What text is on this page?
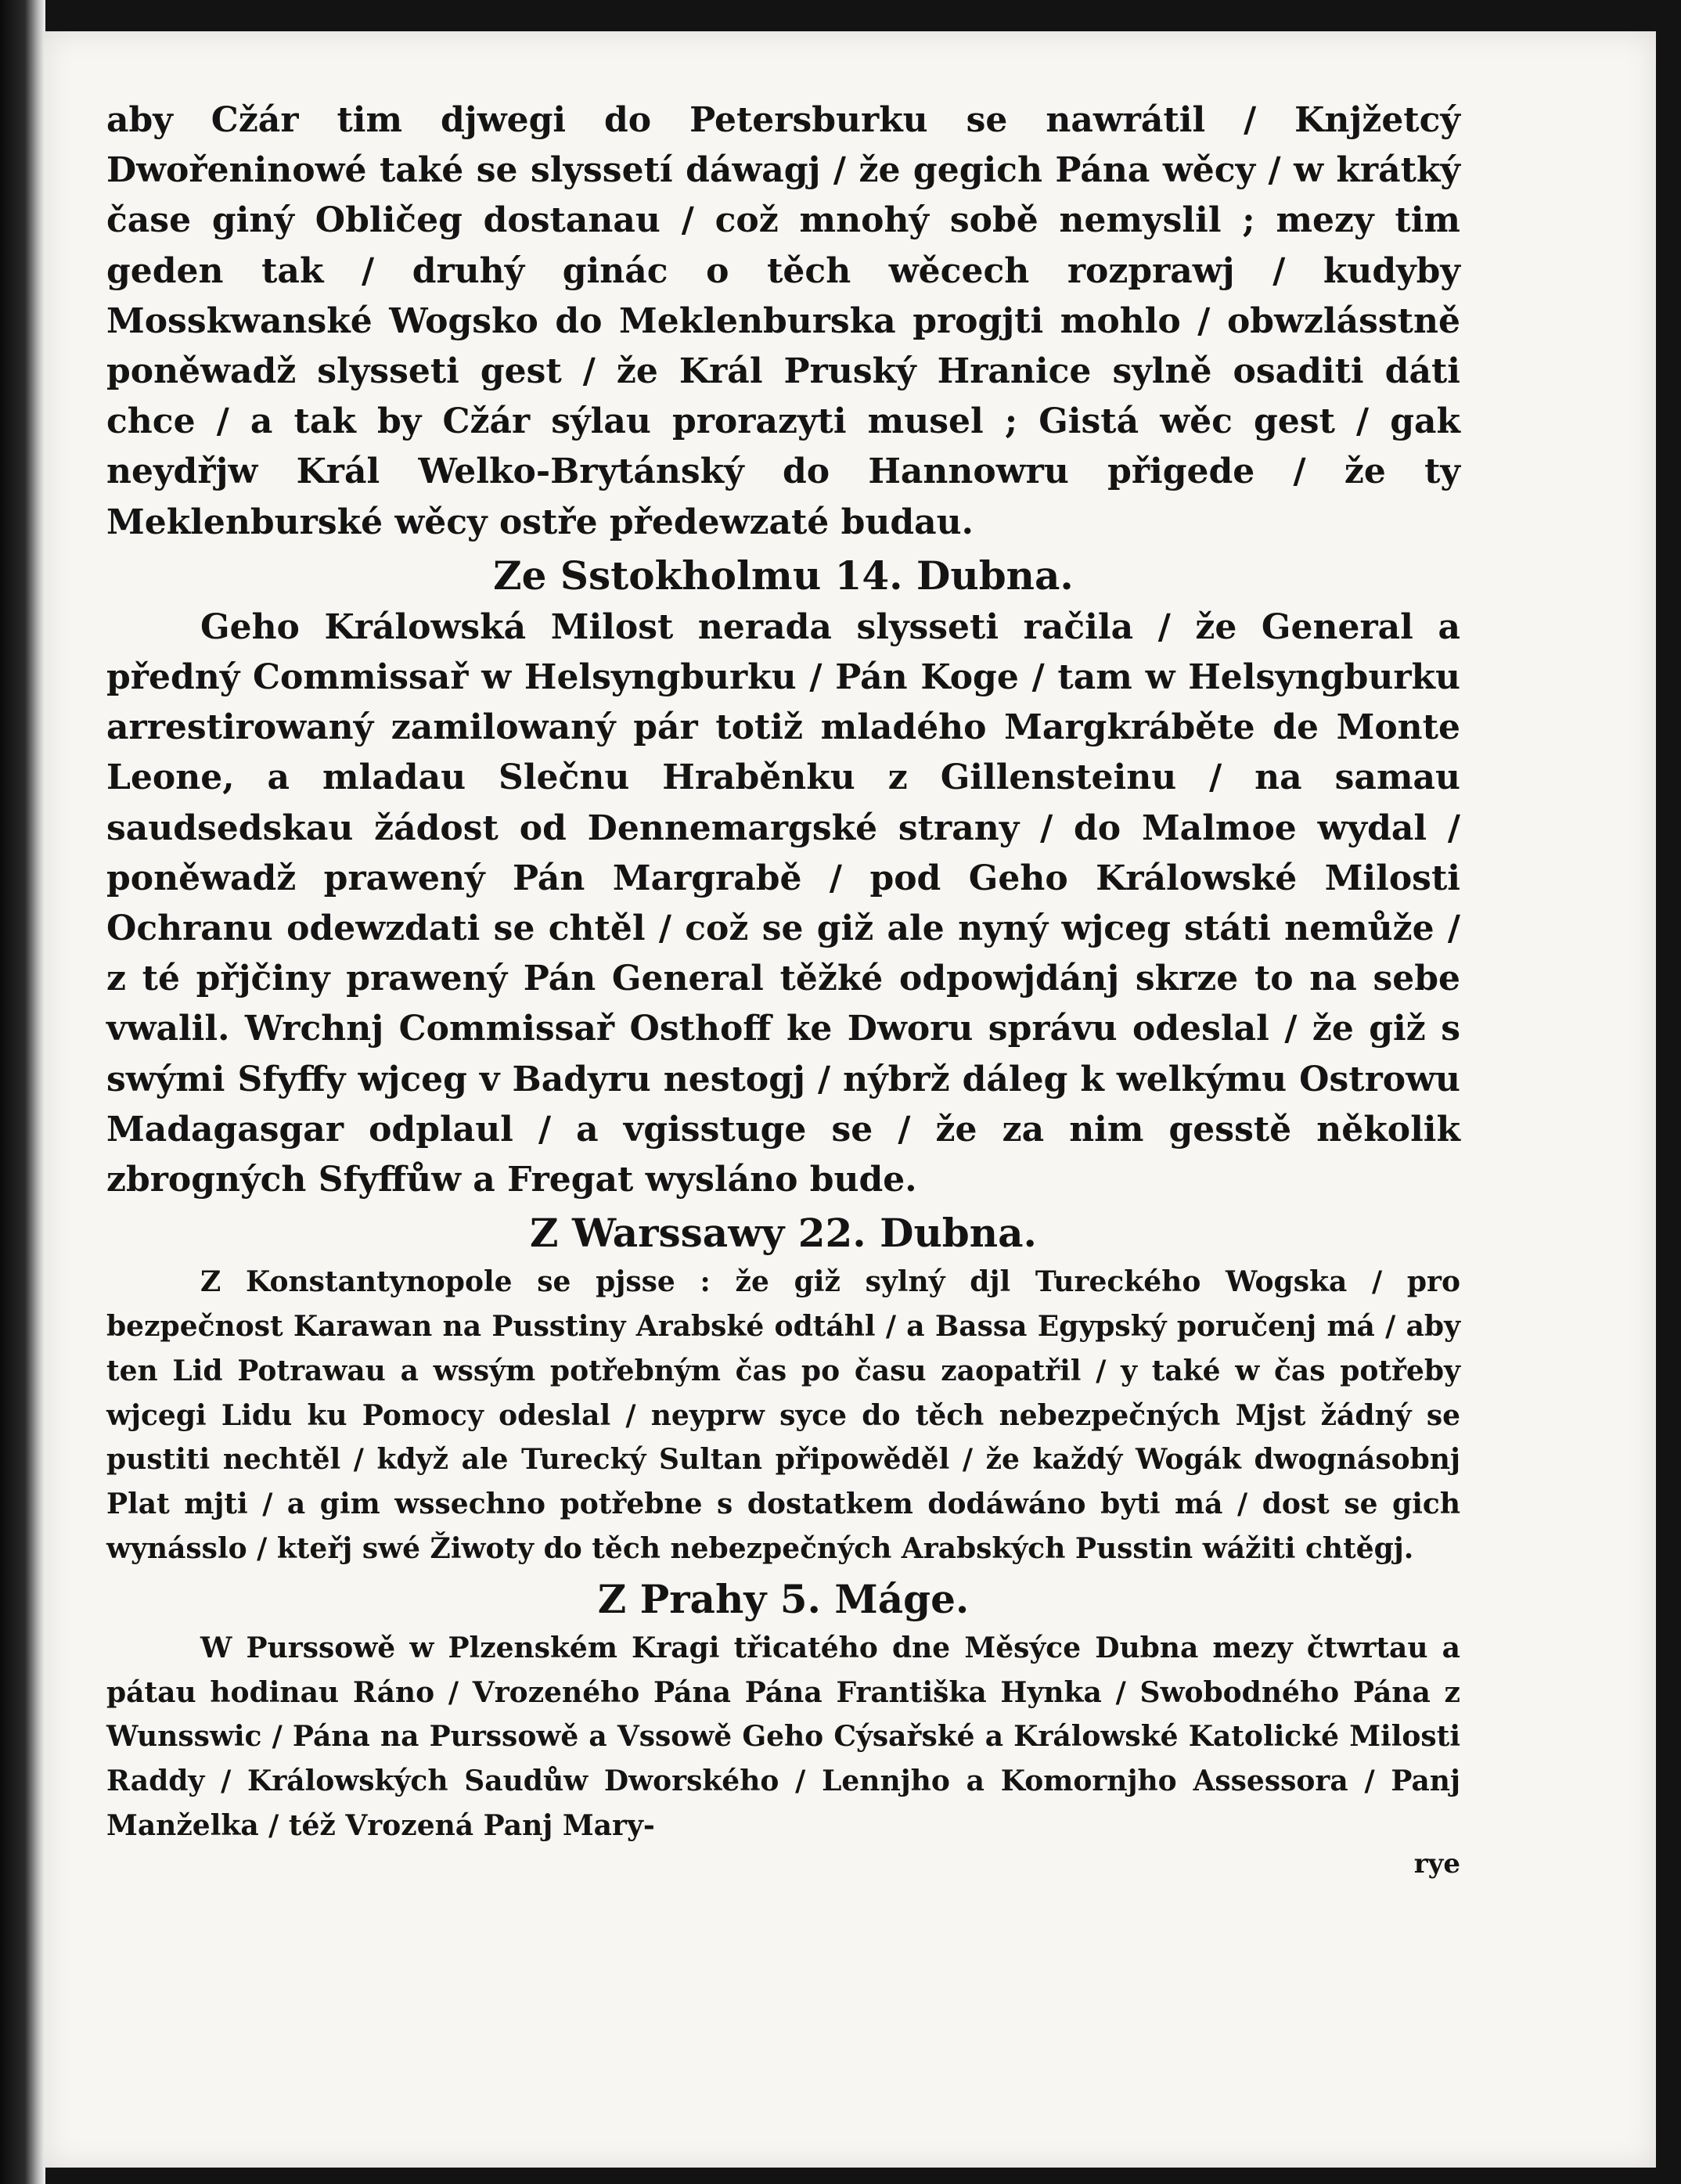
aby Cžár tim djwegi do Petersburku se nawrátil / Knjžetcý Dwořeninowé také se slyssetí dáwagj / že gegich Pána wěcy / w krátký čase giný Obličeg dostanau / což mnohý sobě nemyslil ; mezy tim geden tak / druhý ginác o těch wěcech rozprawj / kudyby Mosskwanské Wogsko do Meklenburska progjti mohlo / obwzlásstně poněwadž slysseti gest / že Král Pruský Hranice sylně osaditi dáti chce / a tak by Cžár sýlau prorazyti musel ; Gistá wěc gest / gak neydřjw Král Welko-Brytánský do Hannowru přigede / že ty Meklenburské wěcy ostře předewzaté budau.

Ze Sstokholmu 14. Dubna.

Geho Králowská Milost nerada slysseti račila / že General a předný Commissař w Helsyngburku / Pán Koge / tam w Helsyngburku arrestirowaný zamilowaný pár totiž mladého Margkráběte de Monte Leone, a mladau Slečnu Hraběnku z Gillensteinu / na samau saudsedskau žádost od Dennemargské strany / do Malmoe wydal / poněwadž prawený Pán Margrabě / pod Geho Králowské Milosti Ochranu odewzdati se chtěl / což se giž ale nyný wjceg státi nemůže / z té přjčiny prawený Pán General těžké odpowjdánj skrze to na sebe vwalil. Wrchnj Commissař Osthoff ke Dworu správu odeslal / že giž s swými Sfyffy wjceg v Badyru nestogj / nýbrž dáleg k welkýmu Ostrowu Madagasgar odplaul / a vgisstuge se / že za nim gesstě několik zbrogných Sfyffůw a Fregat wysláno bude.

Z Warssawy 22. Dubna.

Z Konstantynopole se pjsse : že giž sylný djl Tureckého Wogska / pro bezpečnost Karawan na Pusstiny Arabské odtáhl / a Bassa Egypský poručenj má / aby ten Lid Potrawau a wssým potřebným čas po času zaopatřil / y také w čas potřeby wjcegi Lidu ku Pomocy odeslal / neyprw syce do těch nebezpečných Mjst žádný se pustiti nechtěl / když ale Turecký Sultan připowěděl / že každý Wogák dwognásobnj Plat mjti / a gim wssechno potřebne s dostatkem dodáwáno byti má / dost se gich wynásslo / kteřj swé Žiwoty do těch nebezpečných Arabských Pusstin wážiti chtěgj.

Z Prahy 5. Máge.

W Purssowě w Plzenském Kragi třicatého dne Měsýce Dubna mezy čtwrtau a pátau hodinau Ráno / Vrozeného Pána Pána Františka Hynka / Swobodného Pána z Wunsswic / Pána na Purssowě a Vssowě Geho Cýsařské a Králowské Katolické Milosti Raddy / Králowských Saudůw Dworského / Lennjho a Komornjho Assessora / Panj Manželka / též Vrozená Panj Mary-

rye
